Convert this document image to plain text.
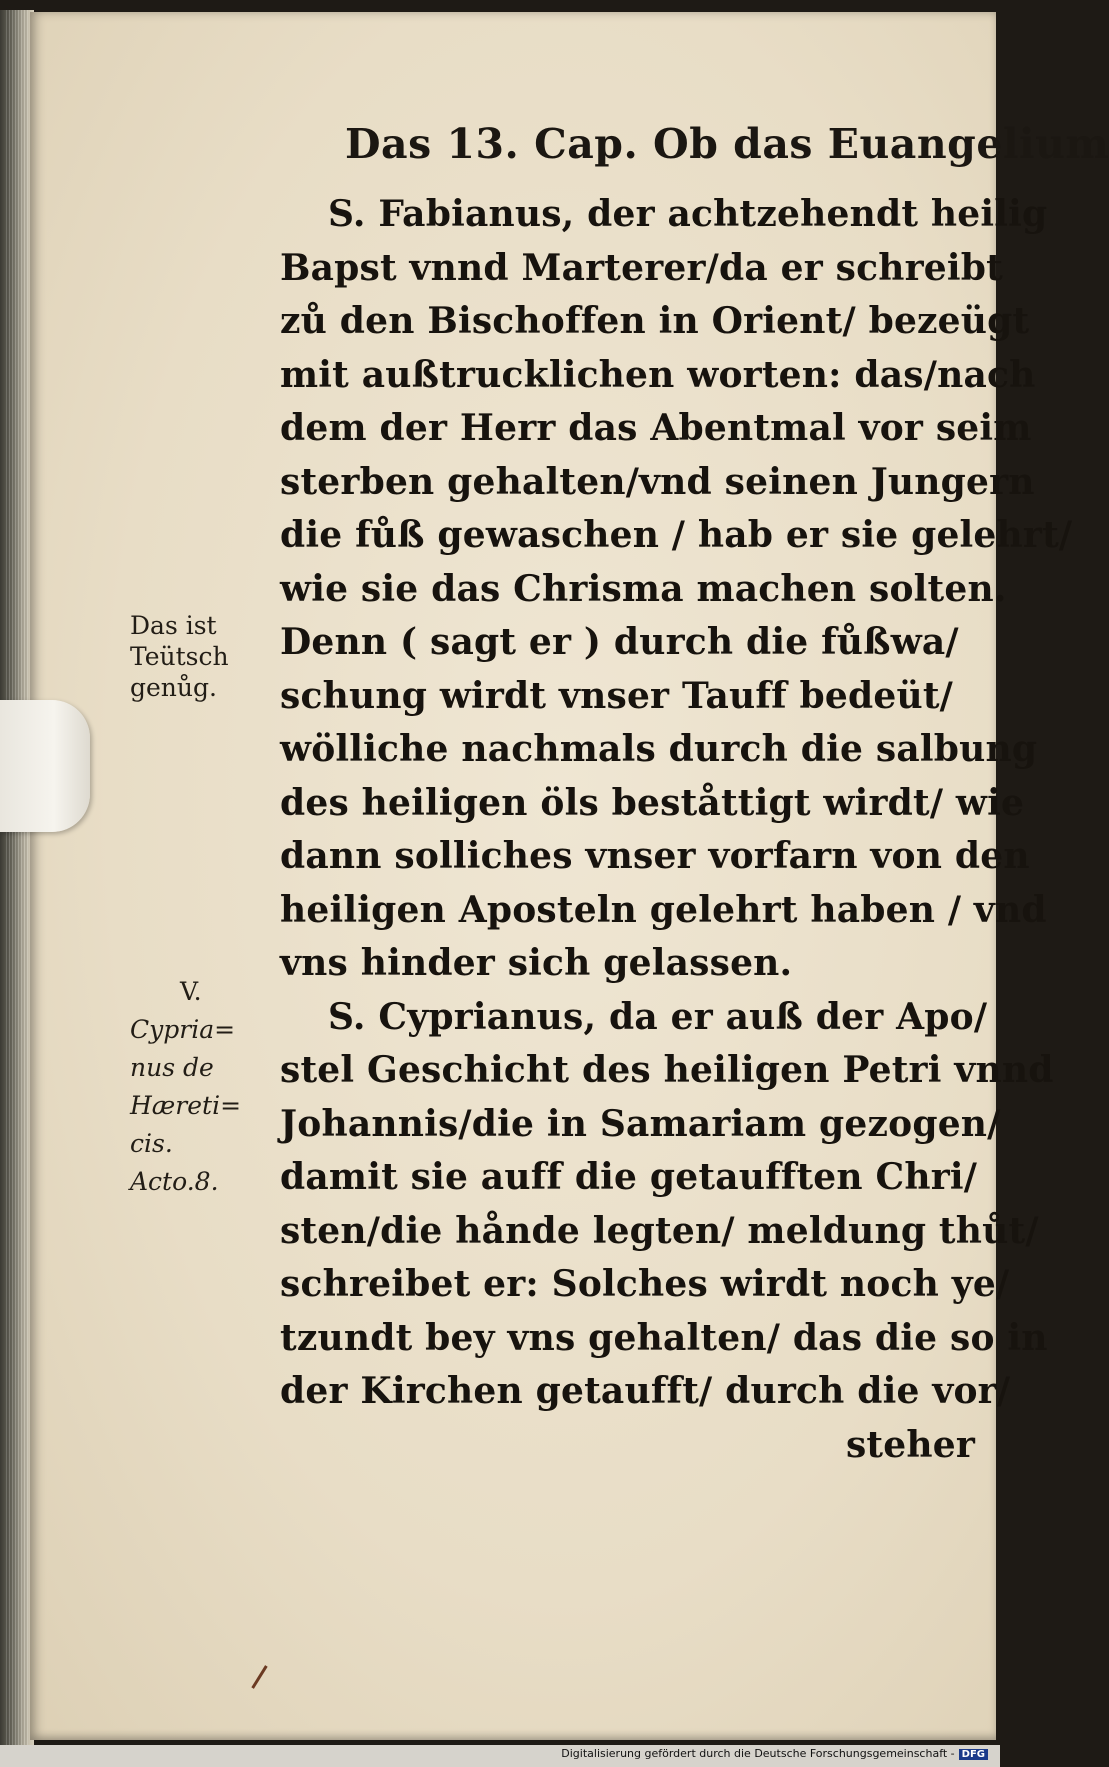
Das 13. Cap. Ob das Euangelium
S. Fabianus, der achtzehendt heilig
Bapst vnnd Marterer/da er schreibt
zů den Bischoffen in Orient/ bezeügt
mit außtrucklichen worten: das/nach
dem der Herr das Abentmal vor seim
sterben gehalten/vnd seinen Jungern
die fůß gewaschen / hab er sie gelehrt/
wie sie das Chrisma machen solten.
Denn ( sagt er ) durch die fůßwa/
schung wirdt vnser Tauff bedeüt/
wölliche nachmals durch die salbung
des heiligen öls beståttigt wirdt/ wie
dann solliches vnser vorfarn von den
heiligen Aposteln gelehrt haben / vnd
vns hinder sich gelassen.
S. Cyprianus, da er auß der Apo/
stel Geschicht des heiligen Petri vnnd
Johannis/die in Samariam gezogen/
damit sie auff die getaufften Chri/
sten/die hånde legten/ meldung thůt/
schreibet er: Solches wirdt noch ye/
tzundt bey vns gehalten/ das die so in
der Kirchen getaufft/ durch die vor/
steher
Das ist
Teütsch
genůg.
V.
Cypria=
nus de
Hæreti=
cis.
Acto.8.
Digitalisierung gefördert durch die Deutsche Forschungsgemeinschaft - DFG
